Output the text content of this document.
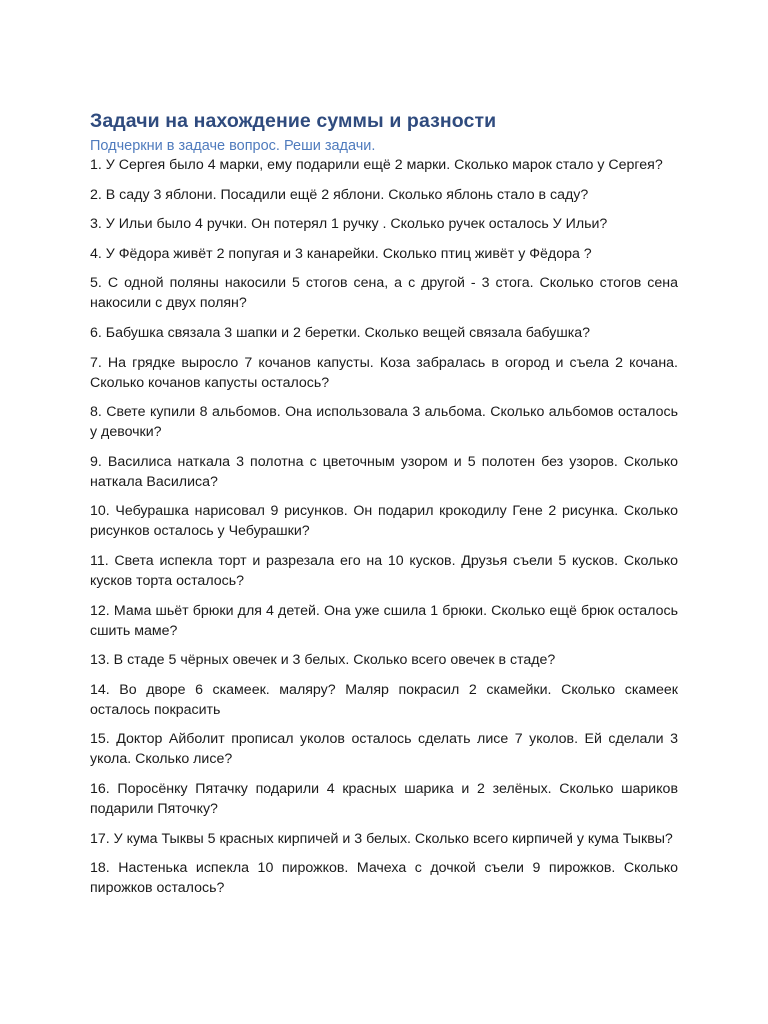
Задачи на нахождение суммы и разности

Подчеркни в задаче вопрос. Реши задачи.

1. У Сергея было 4 марки, ему подарили ещё 2 марки. Сколько марок стало у Сергея?
2. В саду 3 яблони. Посадили ещё 2 яблони. Сколько яблонь стало в саду?
3. У Ильи было 4 ручки. Он потерял 1 ручку . Сколько ручек осталось У Ильи?
4. У Фёдора живёт 2 попугая и 3 канарейки. Сколько птиц живёт у Фёдора ?
5. С одной поляны накосили 5 стогов сена, а с другой - 3 стога. Сколько стогов сена накосили с двух полян?
6. Бабушка связала 3 шапки и 2 беретки. Сколько вещей связала бабушка?
7. На грядке выросло 7 кочанов капусты. Коза забралась в огород и съела 2 кочана. Сколько кочанов капусты осталось?
8. Свете купили 8 альбомов. Она использовала 3 альбома. Сколько альбомов осталось у девочки?
9. Василиса наткала 3 полотна с цветочным узором и 5 полотен без узоров. Сколько наткала Василиса?
10. Чебурашка нарисовал 9 рисунков. Он подарил крокодилу Гене 2 рисунка. Сколько рисунков осталось у Чебурашки?
11. Света испекла торт и разрезала его на 10 кусков. Друзья съели 5 кусков. Сколько кусков торта осталось?
12. Мама шьёт брюки для 4 детей. Она уже сшила 1 брюки. Сколько ещё брюк осталось сшить маме?
13. В стаде 5 чёрных овечек и 3 белых. Сколько всего овечек в стаде?
14. Во дворе 6 скамеек. маляру? Маляр покрасил 2 скамейки. Сколько скамеек осталось покрасить
15. Доктор Айболит прописал уколов осталось сделать лисе 7 уколов. Ей сделали 3 укола. Сколько лисе?
16. Поросёнку Пятачку подарили 4 красных шарика и 2 зелёных. Сколько шариков подарили Пяточку?
17. У кума Тыквы 5 красных кирпичей и 3 белых. Сколько всего кирпичей у кума Тыквы?
18. Настенька испекла 10 пирожков. Мачеха с дочкой съели 9 пирожков. Сколько пирожков осталось?
